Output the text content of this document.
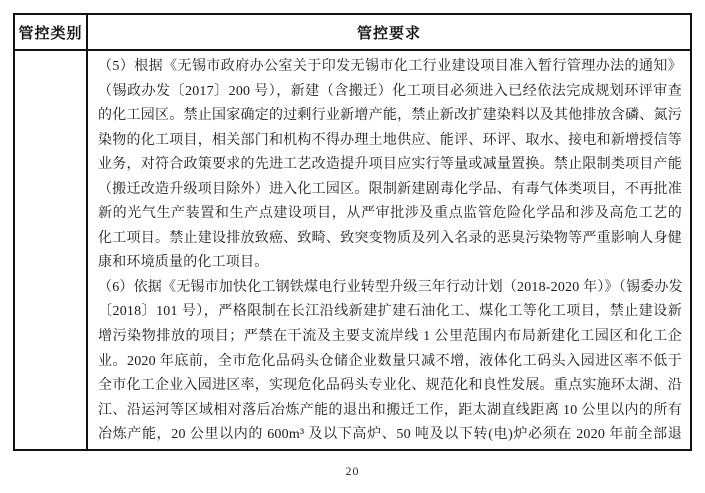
管控类别	管控要求
（5）根据《无锡市政府办公室关于印发无锡市化工行业建设项目准入暂行管理办法的通知》
（锡政办发〔2017〕200 号），新建（含搬迁）化工项目必须进入已经依法完成规划环评审查
的化工园区。禁止国家确定的过剩行业新增产能，禁止新改扩建染料以及其他排放含磷、氮污
染物的化工项目，相关部门和机构不得办理土地供应、能评、环评、取水、接电和新增授信等
业务，对符合政策要求的先进工艺改造提升项目应实行等量或减量置换。禁止限制类项目产能
（搬迁改造升级项目除外）进入化工园区。限制新建剧毒化学品、有毒气体类项目，不再批准
新的光气生产装置和生产点建设项目，从严审批涉及重点监管危险化学品和涉及高危工艺的
化工项目。禁止建设排放致癌、致畸、致突变物质及列入名录的恶臭污染物等严重影响人身健
康和环境质量的化工项目。
（6）依据《无锡市加快化工钢铁煤电行业转型升级三年行动计划（2018-2020 年）》（锡委办发
〔2018〕101 号），严格限制在长江沿线新建扩建石油化工、煤化工等化工项目，禁止建设新
增污染物排放的项目；严禁在干流及主要支流岸线 1 公里范围内布局新建化工园区和化工企
业。2020 年底前，全市危化品码头仓储企业数量只减不增，液体化工码头入园进区率不低于
全市化工企业入园进区率，实现危化品码头专业化、规范化和良性发展。重点实施环太湖、沿
江、沿运河等区域相对落后冶炼产能的退出和搬迁工作，距太湖直线距离 10 公里以内的所有
冶炼产能，20 公里以内的 600m³ 及以下高炉、50 吨及以下转(电)炉必须在 2020 年前全部退
20
